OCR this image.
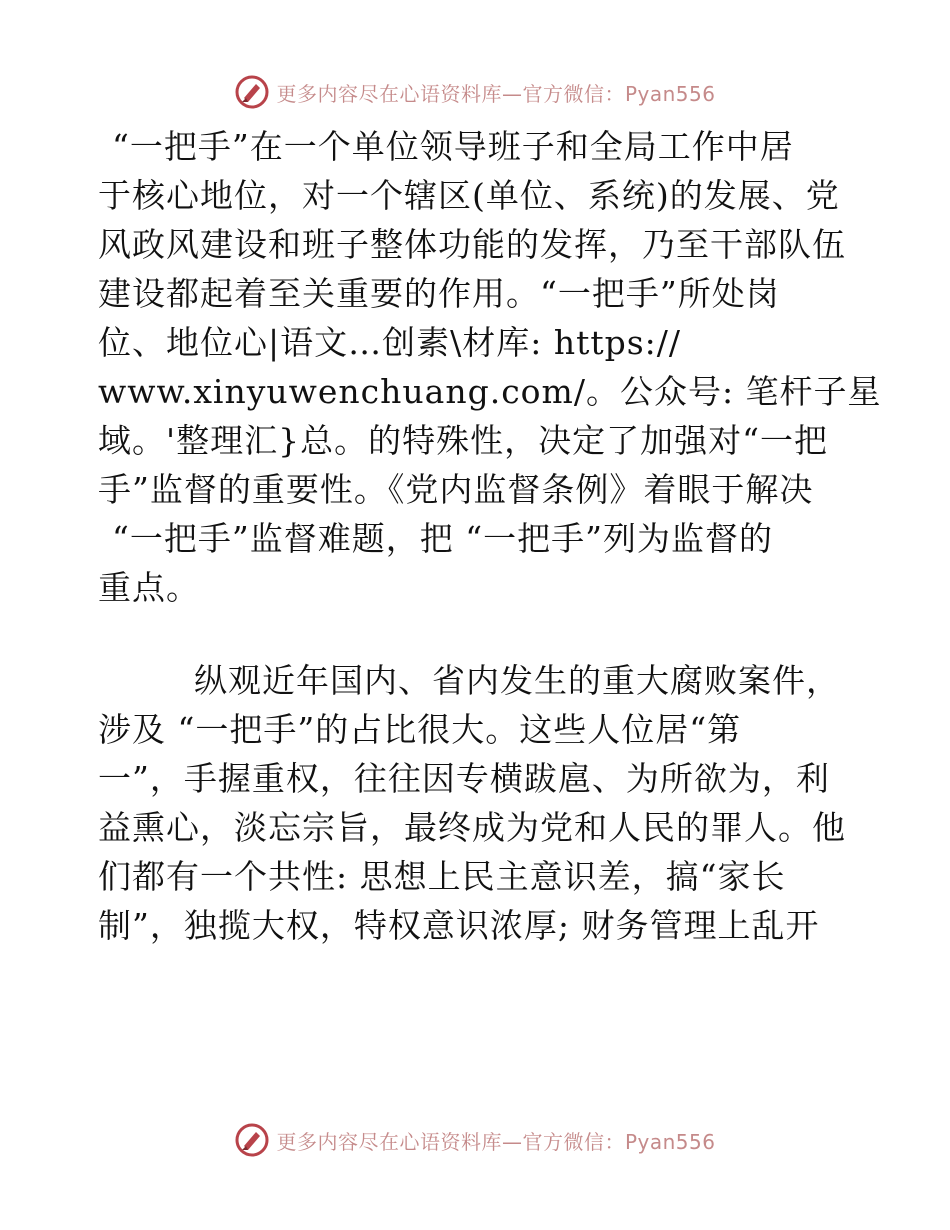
更多内容尽在心语资料库—官方微信：Pyan556
“一把手”在一个单位领导班子和全局工作中居
于核心地位，对一个辖区(单位、系统)的发展、党
风政风建设和班子整体功能的发挥，乃至干部队伍
建设都起着至关重要的作用。“一把手”所处岗
位、地位心|语文…创素\材库: https://
www.xinyuwenchuang.com/。公众号: 笔杆子星
域。'整理汇}总。的特殊性，决定了加强对“一把
手”监督的重要性。《党内监督条例》着眼于解决
“一把手”监督难题，把 “一把手”列为监督的
重点。
纵观近年国内、省内发生的重大腐败案件，
涉及 “一把手”的占比很大。这些人位居“第
一”，手握重权，往往因专横跋扈、为所欲为，利
益熏心，淡忘宗旨，最终成为党和人民的罪人。他
们都有一个共性: 思想上民主意识差，搞“家长
制”，独揽大权，特权意识浓厚; 财务管理上乱开
更多内容尽在心语资料库—官方微信：Pyan556
